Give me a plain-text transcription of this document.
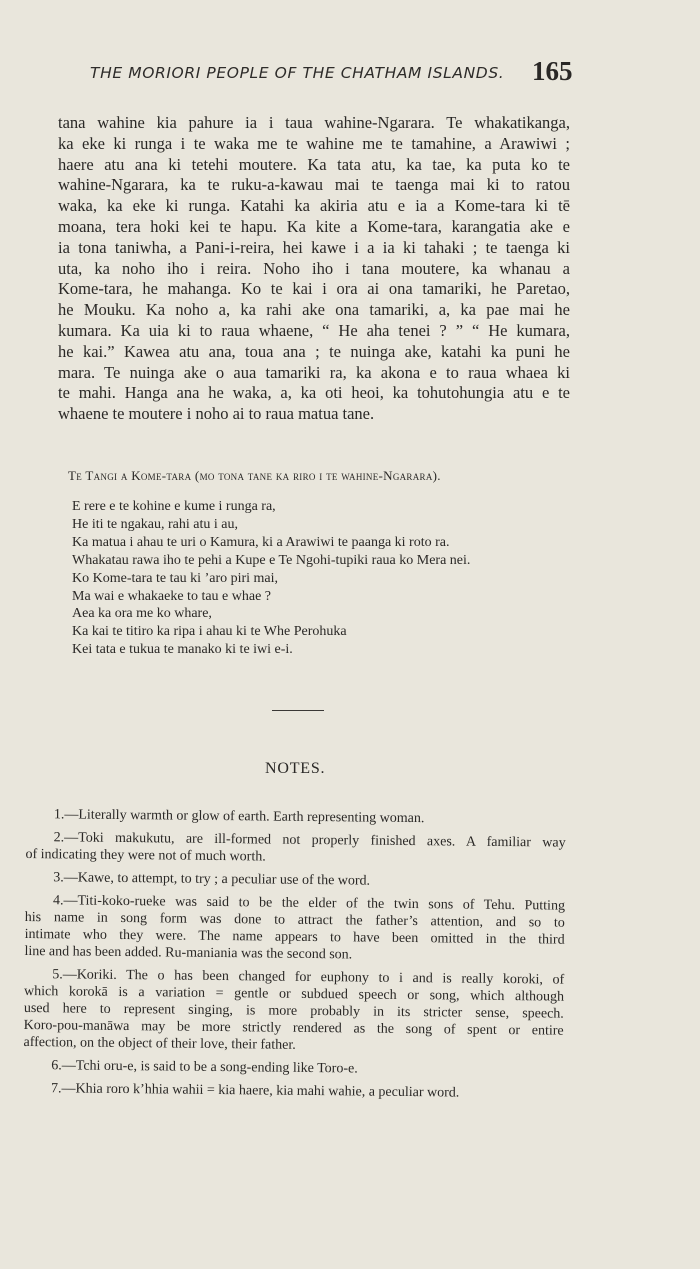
THE MORIORI PEOPLE OF THE CHATHAM ISLANDS.	165
tana wahine kia pahure ia i taua wahine-Ngarara. Te whakatikanga,
ka eke ki runga i te waka me te wahine me te tamahine, a Arawiwi ;
haere atu ana ki tetehi moutere. Ka tata atu, ka tae, ka puta ko te
wahine-Ngarara, ka te ruku-a-kawau mai te taenga mai ki to ratou
waka, ka eke ki runga. Katahi ka akiria atu e ia a Kome-tara ki tē
moana, tera hoki kei te hapu. Ka kite a Kome-tara, karangatia ake e
ia tona taniwha, a Pani-i-reira, hei kawe i a ia ki tahaki ; te taenga ki
uta, ka noho iho i reira. Noho iho i tana moutere, ka whanau a
Kome-tara, he mahanga. Ko te kai i ora ai ona tamariki, he Paretao,
he Mouku. Ka noho a, ka rahi ake ona tamariki, a, ka pae mai he
kumara. Ka uia ki to raua whaene, “ He aha tenei ? ” “ He kumara,
he kai.” Kawea atu ana, toua ana ; te nuinga ake, katahi ka puni he
mara. Te nuinga ake o aua tamariki ra, ka akona e to raua whaea ki
te mahi. Hanga ana he waka, a, ka oti heoi, ka tohutohungia atu e te
whaene te moutere i noho ai to raua matua tane.
Te Tangi a Kome-tara (mo tona tane ka riro i te wahine-Ngarara).
E rere e te kohine e kume i runga ra,
He iti te ngakau, rahi atu i au,
Ka matua i ahau te uri o Kamura, ki a Arawiwi te paanga ki roto ra.
Whakatau rawa iho te pehi a Kupe e Te Ngohi-tupiki raua ko Mera nei.
Ko Kome-tara te tau ki ’aro piri mai,
Ma wai e whakaeke to tau e whae ?
Aea ka ora me ko whare,
Ka kai te titiro ka ripa i ahau ki te Whe Perohuka
Kei tata e tukua te manako ki te iwi e-i.
NOTES.
1.—Literally warmth or glow of earth. Earth representing woman.
2.—Toki makukutu, are ill-formed not properly finished axes. A familiar way
of indicating they were not of much worth.
3.—Kawe, to attempt, to try ; a peculiar use of the word.
4.—Titi-koko-rueke was said to be the elder of the twin sons of Tehu. Putting
his name in song form was done to attract the father’s attention, and so to
intimate who they were. The name appears to have been omitted in the third
line and has been added. Ru-maniania was the second son.
5.—Koriki. The o has been changed for euphony to i and is really koroki, of
which korokā is a variation = gentle or subdued speech or song, which although
used here to represent singing, is more probably in its stricter sense, speech.
Koro-pou-manāwa may be more strictly rendered as the song of spent or entire
affection, on the object of their love, their father.
6.—Tchi oru-e, is said to be a song-ending like Toro-e.
7.—Khia roro k’hhia wahii = kia haere, kia mahi wahie, a peculiar word.
